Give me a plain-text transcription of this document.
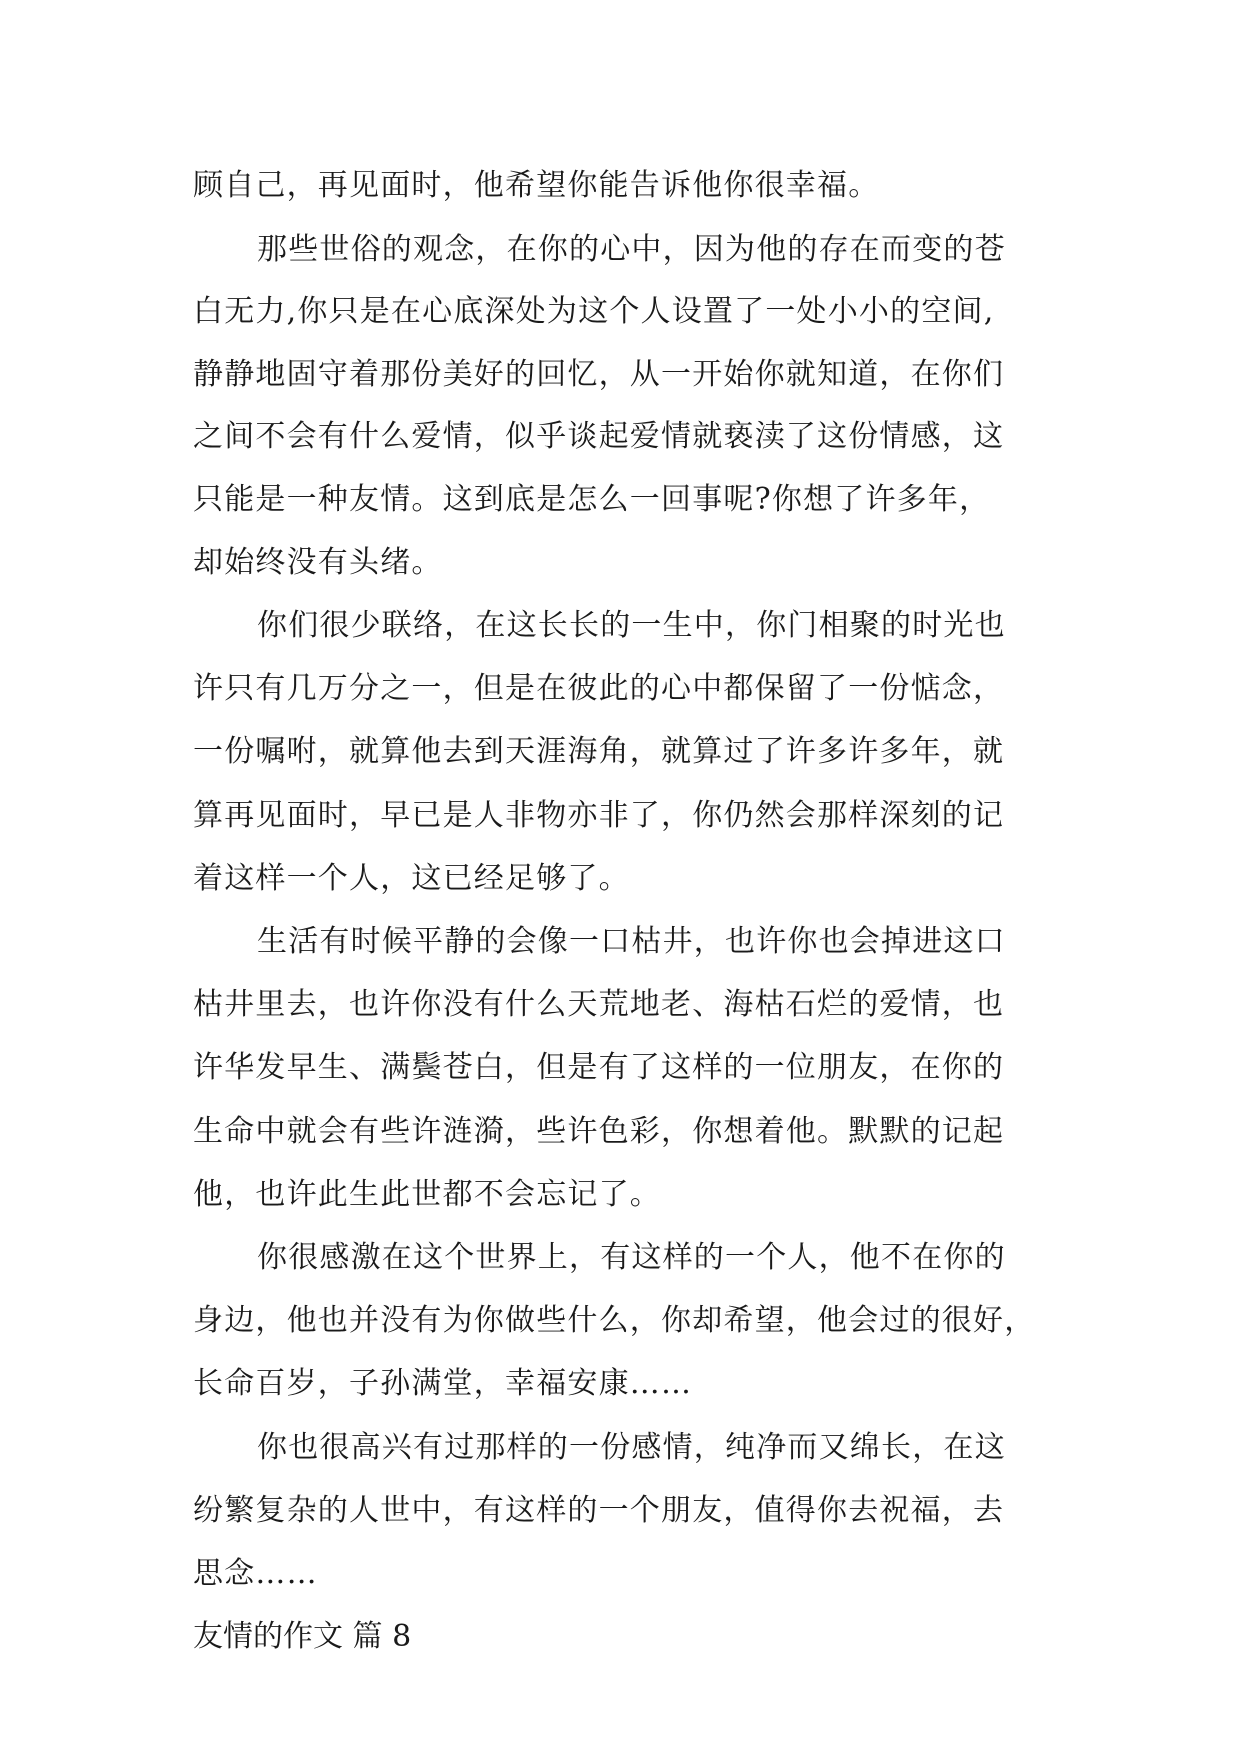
顾自己，再见面时，他希望你能告诉他你很幸福。
那些世俗的观念，在你的心中，因为他的存在而变的苍
白无力,你只是在心底深处为这个人设置了一处小小的空间,
静静地固守着那份美好的回忆，从一开始你就知道，在你们
之间不会有什么爱情，似乎谈起爱情就亵渎了这份情感，这
只能是一种友情。这到底是怎么一回事呢?你想了许多年，
却始终没有头绪。
你们很少联络，在这长长的一生中，你门相聚的时光也
许只有几万分之一，但是在彼此的心中都保留了一份惦念，
一份嘱咐，就算他去到天涯海角，就算过了许多许多年，就
算再见面时，早已是人非物亦非了，你仍然会那样深刻的记
着这样一个人，这已经足够了。
生活有时候平静的会像一口枯井，也许你也会掉进这口
枯井里去，也许你没有什么天荒地老、海枯石烂的爱情，也
许华发早生、满鬓苍白，但是有了这样的一位朋友，在你的
生命中就会有些许涟漪，些许色彩，你想着他。默默的记起
他，也许此生此世都不会忘记了。
你很感激在这个世界上，有这样的一个人，他不在你的
身边，他也并没有为你做些什么，你却希望，他会过的很好，
长命百岁，子孙满堂，幸福安康……
你也很高兴有过那样的一份感情，纯净而又绵长，在这
纷繁复杂的人世中，有这样的一个朋友，值得你去祝福，去
思念……
友情的作文 篇 8
